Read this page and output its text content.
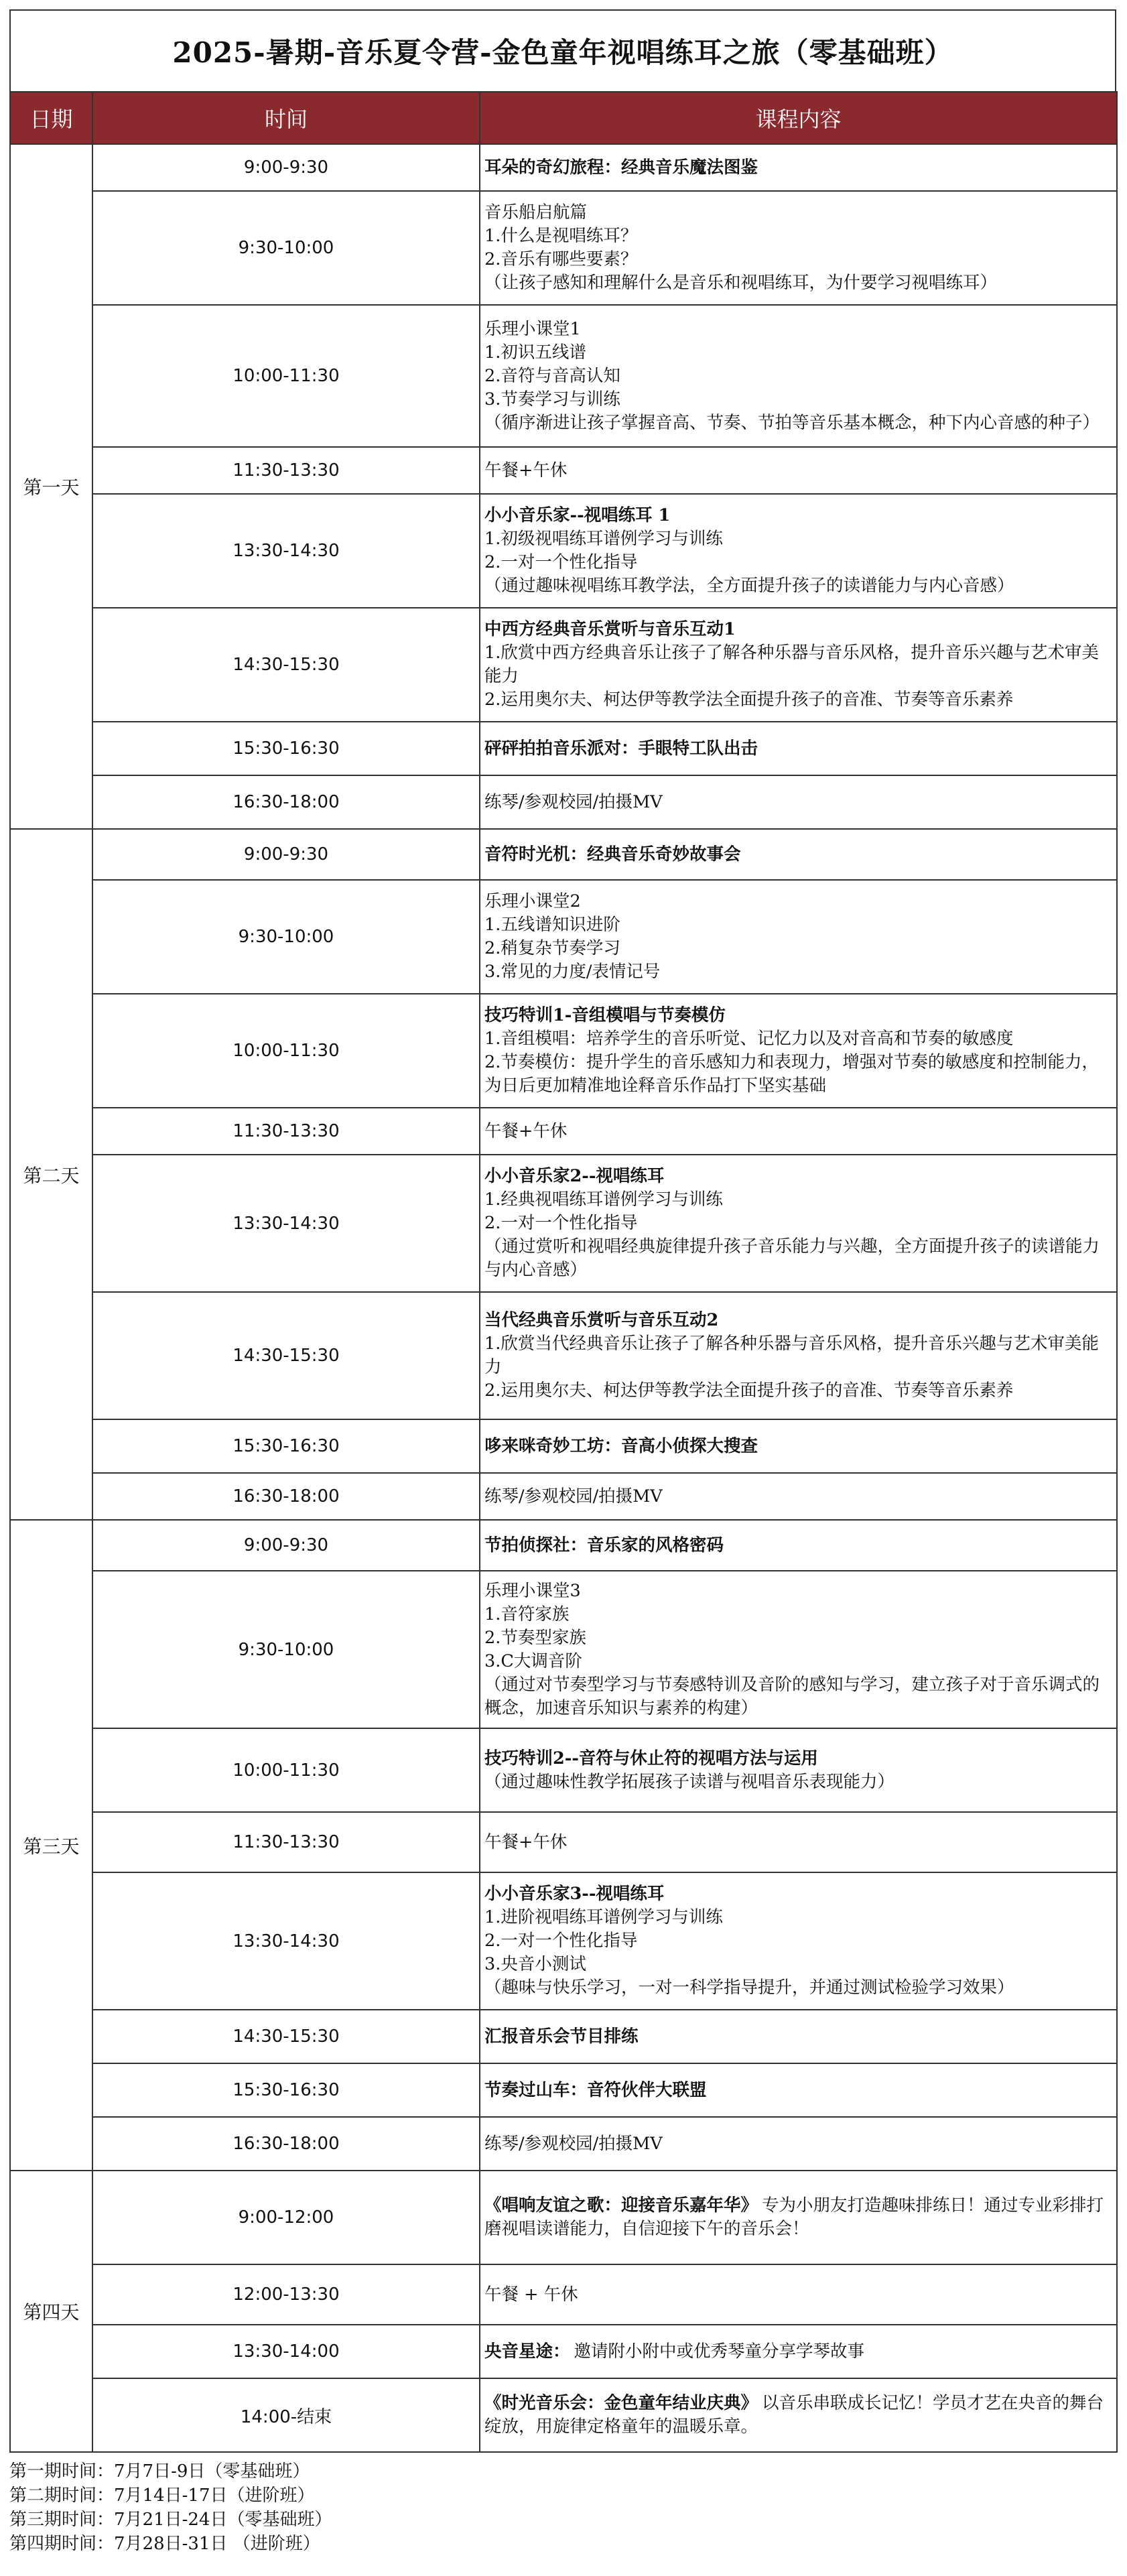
2025-暑期-音乐夏令营-金色童年视唱练耳之旅（零基础班）
日期	时间	课程内容
第一天	9:00-9:30	耳朵的奇幻旅程：经典音乐魔法图鉴

	9:30-10:00	音乐船启航篇
1.什么是视唱练耳？
2.音乐有哪些要素？
（让孩子感知和理解什么是音乐和视唱练耳，为什要学习视唱练耳）

	10:00-11:30	乐理小课堂1
1.初识五线谱
2.音符与音高认知
3.节奏学习与训练
（循序渐进让孩子掌握音高、节奏、节拍等音乐基本概念，种下内心音感的种子）

	11:30-13:30	午餐+午休

	13:30-14:30	小小音乐家--视唱练耳 1
1.初级视唱练耳谱例学习与训练
2.一对一个性化指导
（通过趣味视唱练耳教学法，全方面提升孩子的读谱能力与内心音感）

	14:30-15:30	中西方经典音乐赏听与音乐互动1
1.欣赏中西方经典音乐让孩子了解各种乐器与音乐风格，提升音乐兴趣与艺术审美能力
2.运用奥尔夫、柯达伊等教学法全面提升孩子的音准、节奏等音乐素养

	15:30-16:30	砰砰拍拍音乐派对：手眼特工队出击

	16:30-18:00	练琴/参观校园/拍摄MV

第二天	9:00-9:30	音符时光机：经典音乐奇妙故事会

	9:30-10:00	乐理小课堂2
1.五线谱知识进阶
2.稍复杂节奏学习
3.常见的力度/表情记号

	10:00-11:30	技巧特训1-音组模唱与节奏模仿
1.音组模唱：培养学生的音乐听觉、记忆力以及对音高和节奏的敏感度
2.节奏模仿：提升学生的音乐感知力和表现力，增强对节奏的敏感度和控制能力，为日后更加精准地诠释音乐作品打下坚实基础

	11:30-13:30	午餐+午休

	13:30-14:30	小小音乐家2--视唱练耳
1.经典视唱练耳谱例学习与训练
2.一对一个性化指导
（通过赏听和视唱经典旋律提升孩子音乐能力与兴趣，全方面提升孩子的读谱能力与内心音感）

	14:30-15:30	当代经典音乐赏听与音乐互动2
1.欣赏当代经典音乐让孩子了解各种乐器与音乐风格，提升音乐兴趣与艺术审美能力
2.运用奥尔夫、柯达伊等教学法全面提升孩子的音准、节奏等音乐素养

	15:30-16:30	哆来咪奇妙工坊：音高小侦探大搜查

	16:30-18:00	练琴/参观校园/拍摄MV

第三天	9:00-9:30	节拍侦探社：音乐家的风格密码

	9:30-10:00	乐理小课堂3
1.音符家族
2.节奏型家族
3.C大调音阶
（通过对节奏型学习与节奏感特训及音阶的感知与学习，建立孩子对于音乐调式的概念，加速音乐知识与素养的构建）

	10:00-11:30	技巧特训2--音符与休止符的视唱方法与运用
（通过趣味性教学拓展孩子读谱与视唱音乐表现能力）

	11:30-13:30	午餐+午休

	13:30-14:30	小小音乐家3--视唱练耳
1.进阶视唱练耳谱例学习与训练
2.一对一个性化指导
3.央音小测试
（趣味与快乐学习，一对一科学指导提升，并通过测试检验学习效果）

	14:30-15:30	汇报音乐会节目排练

	15:30-16:30	节奏过山车：音符伙伴大联盟

	16:30-18:00	练琴/参观校园/拍摄MV

第四天	9:00-12:00	《唱响友谊之歌：迎接音乐嘉年华》 专为小朋友打造趣味排练日！通过专业彩排打磨视唱读谱能力，自信迎接下午的音乐会！

	12:00-13:30	午餐 + 午休

	13:30-14:00	央音星途： 邀请附小附中或优秀琴童分享学琴故事

	14:00-结束	《时光音乐会：金色童年结业庆典》 以音乐串联成长记忆！学员才艺在央音的舞台绽放，用旋律定格童年的温暖乐章。
第一期时间：7月7日-9日（零基础班）
第二期时间：7月14日-17日（进阶班）
第三期时间：7月21日-24日（零基础班）
第四期时间：7月28日-31日 （进阶班）
